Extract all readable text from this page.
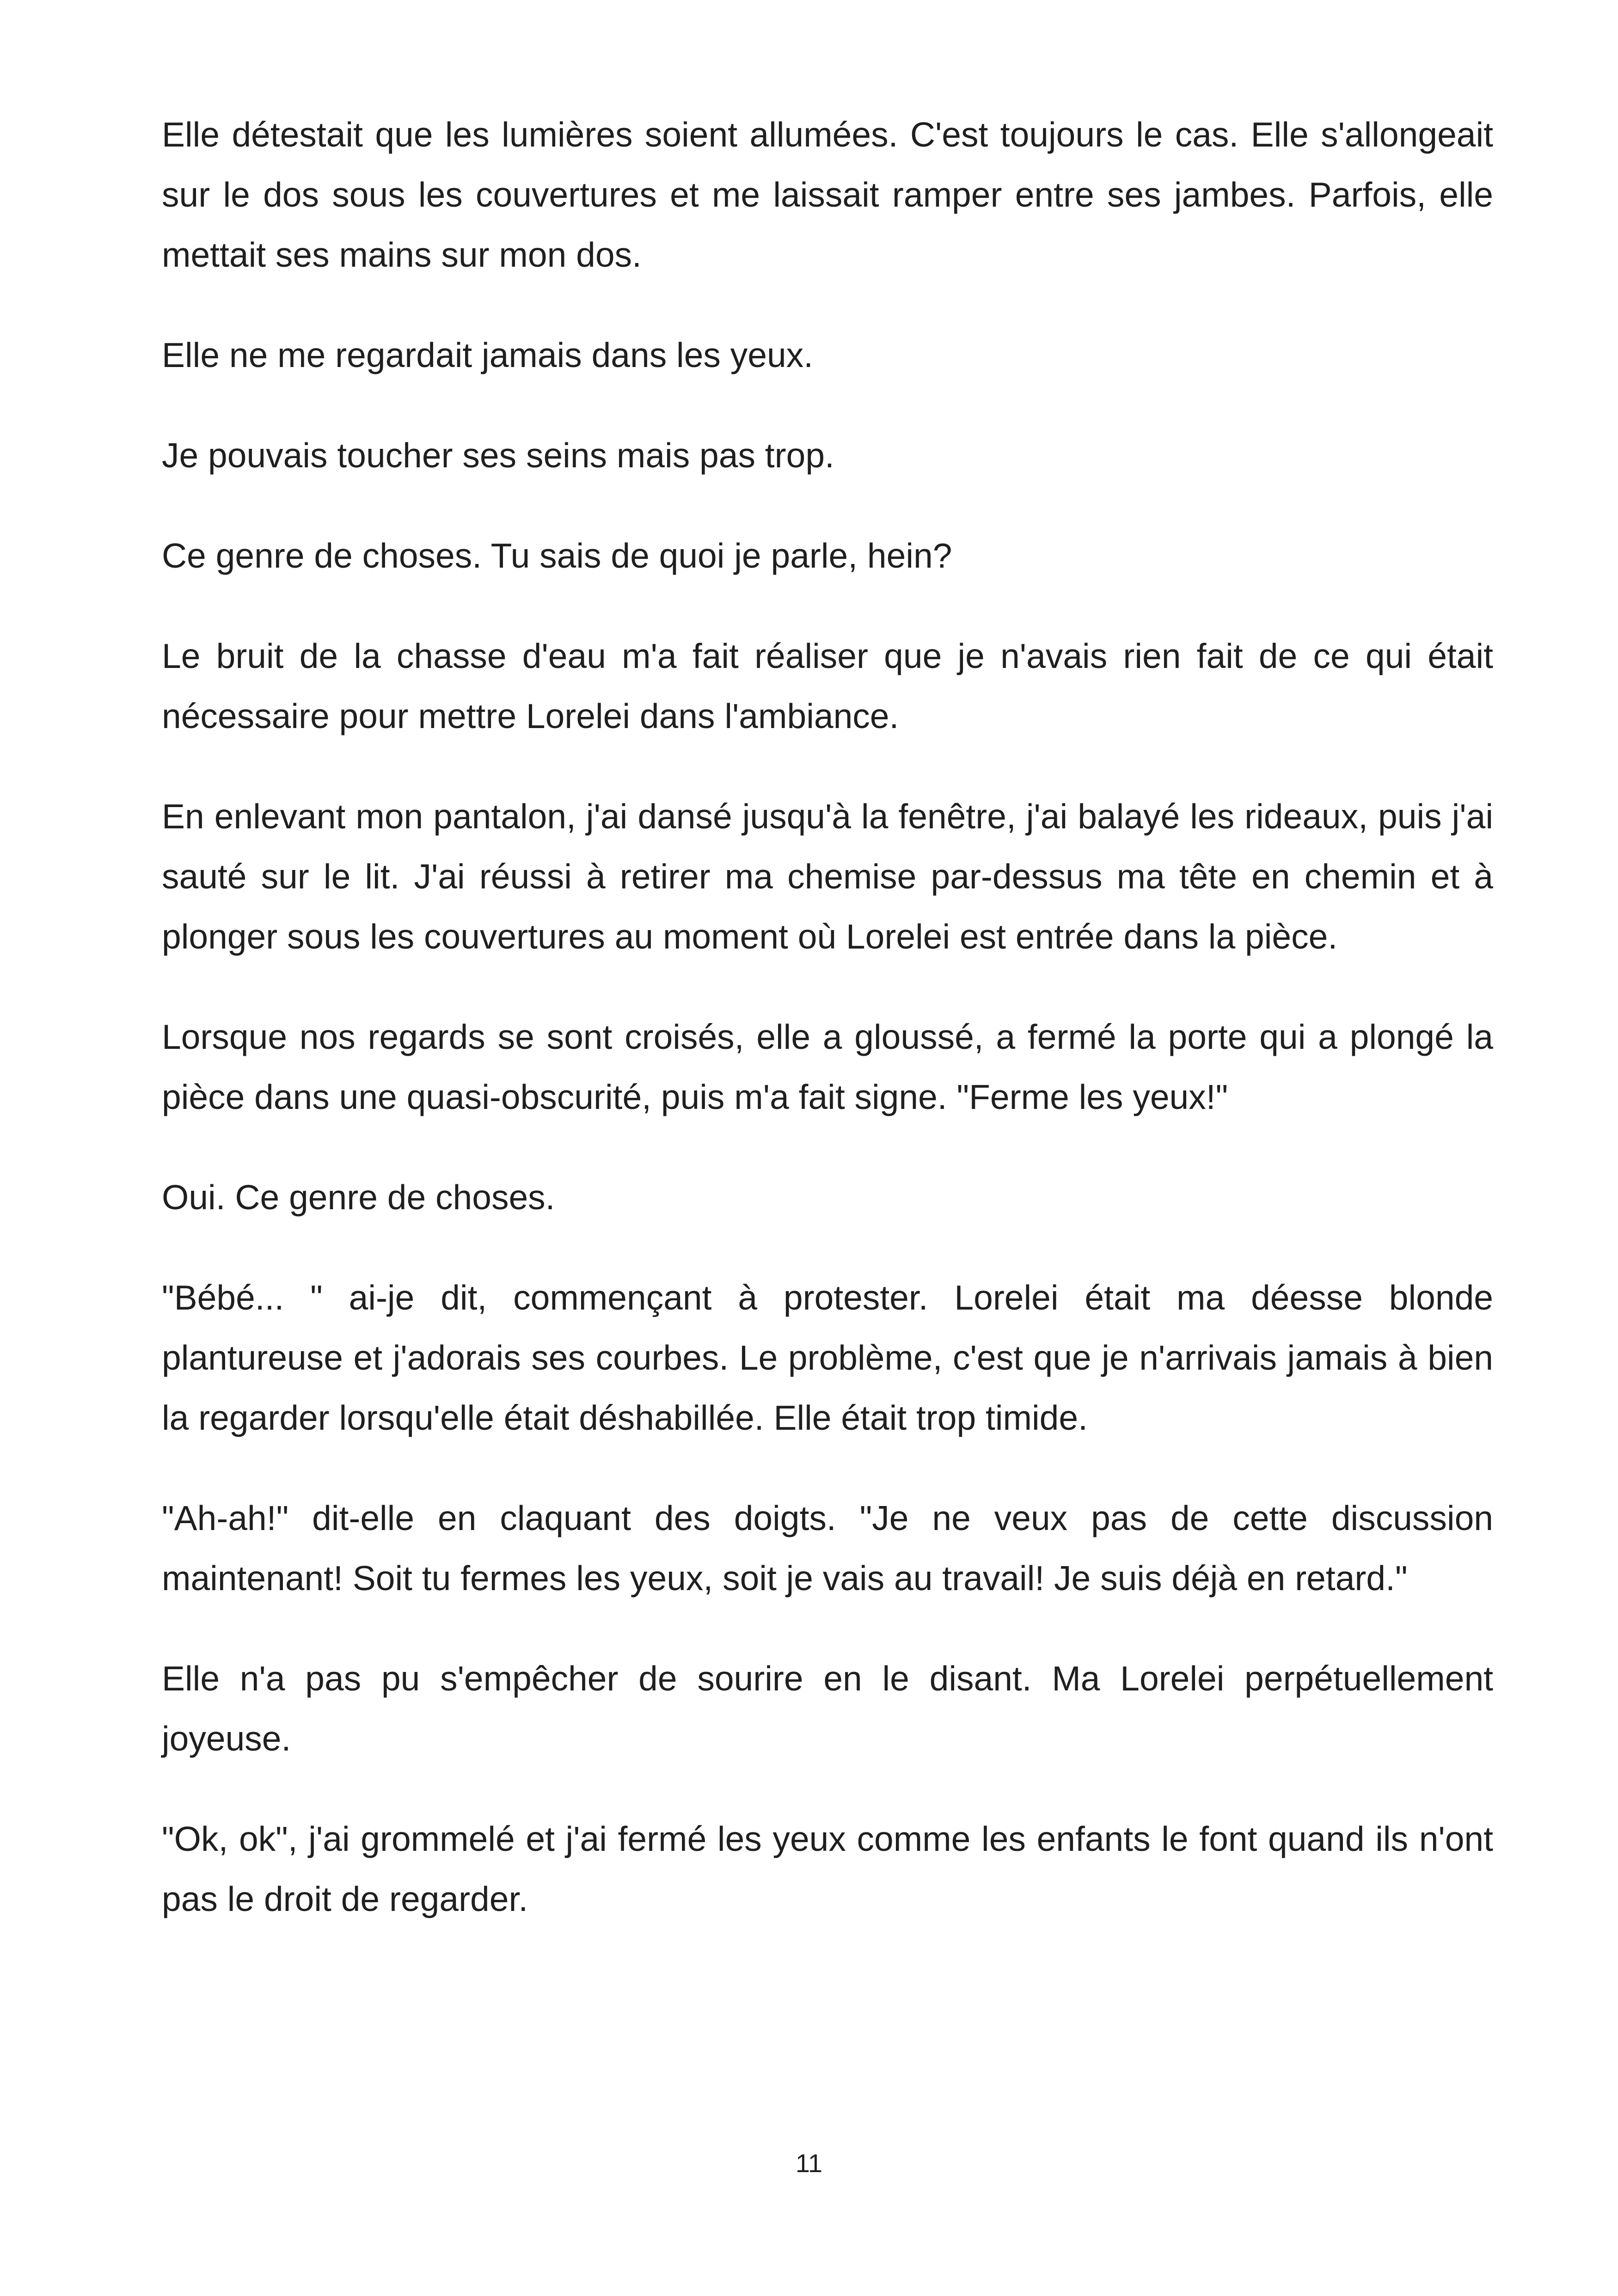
Elle détestait que les lumières soient allumées. C'est toujours le cas. Elle s'allongeait sur le dos sous les couvertures et me laissait ramper entre ses jambes. Parfois, elle mettait ses mains sur mon dos.

Elle ne me regardait jamais dans les yeux.

Je pouvais toucher ses seins mais pas trop.

Ce genre de choses. Tu sais de quoi je parle, hein?

Le bruit de la chasse d'eau m'a fait réaliser que je n'avais rien fait de ce qui était nécessaire pour mettre Lorelei dans l'ambiance.

En enlevant mon pantalon, j'ai dansé jusqu'à la fenêtre, j'ai balayé les rideaux, puis j'ai sauté sur le lit. J'ai réussi à retirer ma chemise par-dessus ma tête en chemin et à plonger sous les couvertures au moment où Lorelei est entrée dans la pièce.

Lorsque nos regards se sont croisés, elle a gloussé, a fermé la porte qui a plongé la pièce dans une quasi-obscurité, puis m'a fait signe. "Ferme les yeux!"

Oui. Ce genre de choses.

"Bébé... " ai-je dit, commençant à protester. Lorelei était ma déesse blonde plantureuse et j'adorais ses courbes. Le problème, c'est que je n'arrivais jamais à bien la regarder lorsqu'elle était déshabillée. Elle était trop timide.

"Ah-ah!" dit-elle en claquant des doigts. "Je ne veux pas de cette discussion maintenant! Soit tu fermes les yeux, soit je vais au travail! Je suis déjà en retard."

Elle n'a pas pu s'empêcher de sourire en le disant. Ma Lorelei perpétuellement joyeuse.

"Ok, ok", j'ai grommelé et j'ai fermé les yeux comme les enfants le font quand ils n'ont pas le droit de regarder.

11
